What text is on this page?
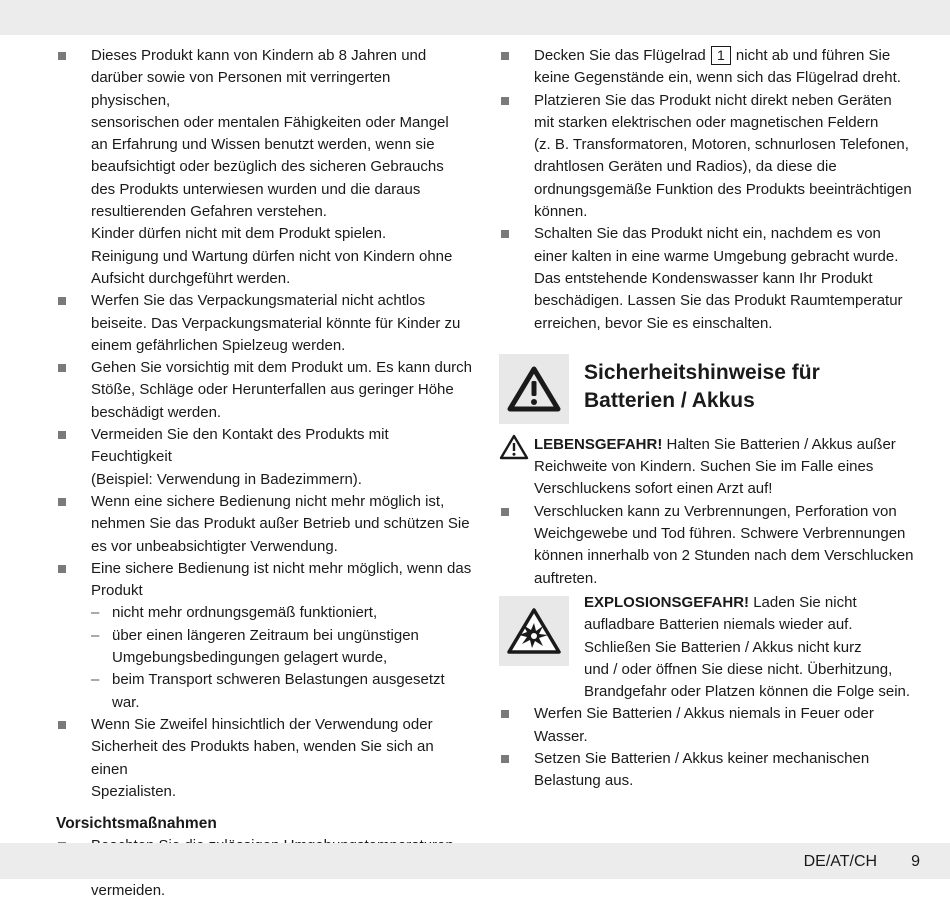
Dieses Produkt kann von Kindern ab 8 Jahren und
darüber sowie von Personen mit verringerten physischen,
sensorischen oder mentalen Fähigkeiten oder Mangel
an Erfahrung und Wissen benutzt werden, wenn sie
beaufsichtigt oder bezüglich des sicheren Gebrauchs
des Produkts unterwiesen wurden und die daraus
resultierenden Gefahren verstehen.
Kinder dürfen nicht mit dem Produkt spielen.
Reinigung und Wartung dürfen nicht von Kindern ohne
Aufsicht durchgeführt werden.
Werfen Sie das Verpackungsmaterial nicht achtlos
beiseite. Das Verpackungsmaterial könnte für Kinder zu
einem gefährlichen Spielzeug werden.
Gehen Sie vorsichtig mit dem Produkt um. Es kann durch
Stöße, Schläge oder Herunterfallen aus geringer Höhe
beschädigt werden.
Vermeiden Sie den Kontakt des Produkts mit Feuchtigkeit
(Beispiel: Verwendung in Badezimmern).
Wenn eine sichere Bedienung nicht mehr möglich ist,
nehmen Sie das Produkt außer Betrieb und schützen Sie
es vor unbeabsichtigter Verwendung.
Eine sichere Bedienung ist nicht mehr möglich, wenn das
Produkt
– nicht mehr ordnungsgemäß funktioniert,
– über einen längeren Zeitraum bei ungünstigen
Umgebungsbedingungen gelagert wurde,
– beim Transport schweren Belastungen ausgesetzt war.
Wenn Sie Zweifel hinsichtlich der Verwendung oder
Sicherheit des Produkts haben, wenden Sie sich an einen
Spezialisten.
Vorsichtsmaßnahmen
vermeiden.
Decken Sie das Flügelrad 1 nicht ab und führen Sie
keine Gegenstände ein, wenn sich das Flügelrad dreht.
Platzieren Sie das Produkt nicht direkt neben Geräten
mit starken elektrischen oder magnetischen Feldern
(z. B. Transformatoren, Motoren, schnurlosen Telefonen,
drahtlosen Geräten und Radios), da diese die
ordnungsgemäße Funktion des Produkts beeinträchtigen
können.
Schalten Sie das Produkt nicht ein, nachdem es von
einer kalten in eine warme Umgebung gebracht wurde.
Das entstehende Kondenswasser kann Ihr Produkt
beschädigen. Lassen Sie das Produkt Raumtemperatur
erreichen, bevor Sie es einschalten.
Sicherheitshinweise für
Batterien / Akkus
LEBENSGEFAHR! Halten Sie Batterien / Akkus außer
Reichweite von Kindern. Suchen Sie im Falle eines
Verschluckens sofort einen Arzt auf!
Verschlucken kann zu Verbrennungen, Perforation von
Weichgewebe und Tod führen. Schwere Verbrennungen
können innerhalb von 2 Stunden nach dem Verschlucken
auftreten.
EXPLOSIONSGEFAHR! Laden Sie nicht
aufladbare Batterien niemals wieder auf.
Schließen Sie Batterien / Akkus nicht kurz
und / oder öffnen Sie diese nicht. Überhitzung,
Brandgefahr oder Platzen können die Folge sein.
Werfen Sie Batterien / Akkus niemals in Feuer oder
Wasser.
Setzen Sie Batterien / Akkus keiner mechanischen
Belastung aus.
DE/AT/CH 9
